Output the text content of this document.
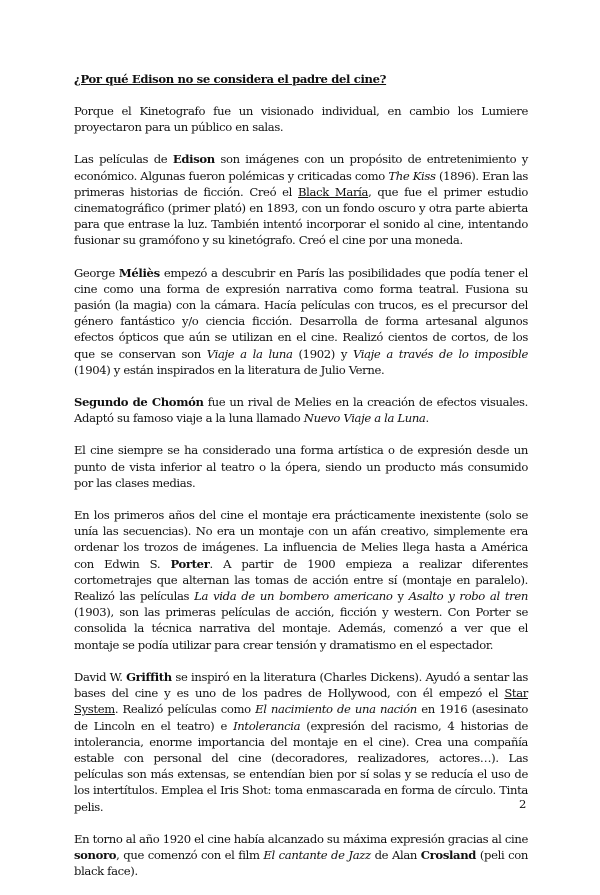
¿Por qué Edison no se considera el padre del cine?

Porque el Kinetografo fue un visionado individual, en cambio los Lumiere proyectaron para un público en salas.

Las películas de Edison son imágenes con un propósito de entretenimiento y económico. Algunas fueron polémicas y criticadas como The Kiss (1896). Eran las primeras historias de ficción. Creó el Black María, que fue el primer estudio cinematográfico (primer plató) en 1893, con un fondo oscuro y otra parte abierta para que entrase la luz. También intentó incorporar el sonido al cine, intentando fusionar su gramófono y su kinetógrafo. Creó el cine por una moneda.

George Méliès empezó a descubrir en París las posibilidades que podía tener el cine como una forma de expresión narrativa como forma teatral. Fusiona su pasión (la magia) con la cámara. Hacía películas con trucos, es el precursor del género fantástico y/o ciencia ficción. Desarrolla de forma artesanal algunos efectos ópticos que aún se utilizan en el cine. Realizó cientos de cortos, de los que se conservan son Viaje a la luna (1902) y Viaje a través de lo imposible (1904) y están inspirados en la literatura de Julio Verne.

Segundo de Chomón fue un rival de Melies en la creación de efectos visuales. Adaptó su famoso viaje a la luna llamado Nuevo Viaje a la Luna.

El cine siempre se ha considerado una forma artística o de expresión desde un punto de vista inferior al teatro o la ópera, siendo un producto más consumido por las clases medias.

En los primeros años del cine el montaje era prácticamente inexistente (solo se unía las secuencias). No era un montaje con un afán creativo, simplemente era ordenar los trozos de imágenes. La influencia de Melies llega hasta a América con Edwin S. Porter. A partir de 1900 empieza a realizar diferentes cortometrajes que alternan las tomas de acción entre sí (montaje en paralelo). Realizó las películas La vida de un bombero americano y Asalto y robo al tren (1903), son las primeras películas de acción, ficción y western. Con Porter se consolida la técnica narrativa del montaje. Además, comenzó a ver que el montaje se podía utilizar para crear tensión y dramatismo en el espectador.

David W. Griffith se inspiró en la literatura (Charles Dickens). Ayudó a sentar las bases del cine y es uno de los padres de Hollywood, con él empezó el Star System. Realizó películas como El nacimiento de una nación en 1916 (asesinato de Lincoln en el teatro) e Intolerancia (expresión del racismo, 4 historias de intolerancia, enorme importancia del montaje en el cine). Crea una compañía estable con personal del cine (decoradores, realizadores, actores…). Las películas son más extensas, se entendían bien por sí solas y se reducía el uso de los intertítulos. Emplea el Iris Shot: toma enmascarada en forma de círculo. Tinta pelis.

En torno al año 1920 el cine había alcanzado su máxima expresión gracias al cine sonoro, que comenzó con el film El cantante de Jazz de Alan Crosland (peli con black face).

2
